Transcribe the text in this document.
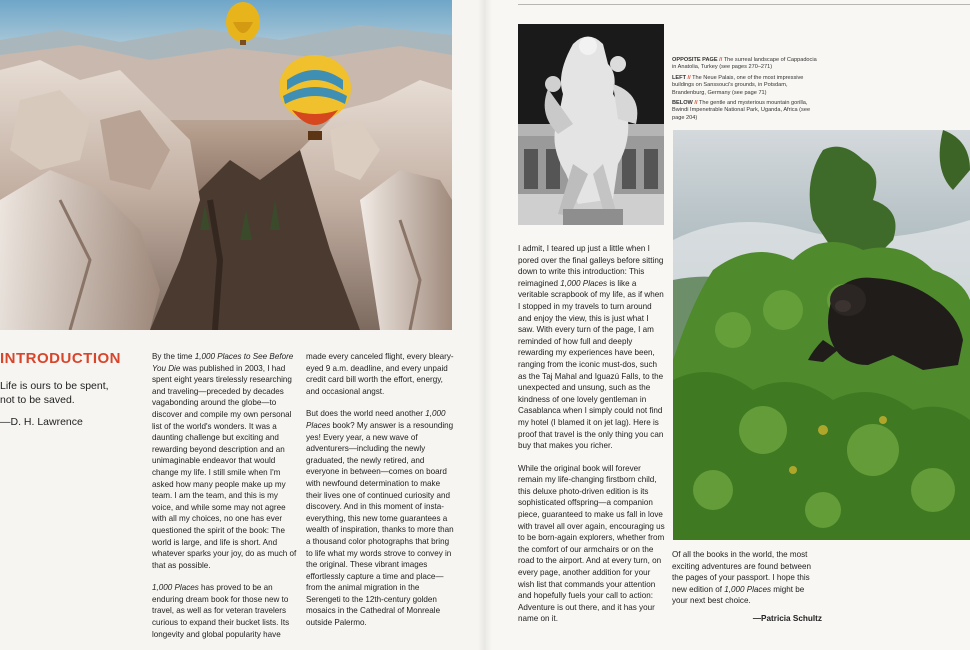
INTRODUCTION
Life is ours to be spent,
not to be saved.
—D. H. Lawrence

By the time 1,000 Places to See Before You Die was published in 2003, I had spent eight years tirelessly researching and traveling—preceded by decades vagabonding around the globe—to discover and compile my own personal list of the world's wonders. It was a daunting challenge but exciting and rewarding beyond description and an unimaginable endeavor that would change my life. I still smile when I'm asked how many people make up my team. I am the team, and this is my voice, and while some may not agree with all my choices, no one has ever questioned the spirit of the book: The world is large, and life is short. And whatever sparks your joy, do as much of that as possible.

1,000 Places has proved to be an enduring dream book for those new to travel, as well as for veteran travelers curious to expand their bucket lists. Its longevity and global popularity have

made every canceled flight, every bleary-eyed 9 a.m. deadline, and every unpaid credit card bill worth the effort, energy, and occasional angst.

But does the world need another 1,000 Places book? My answer is a resounding yes! Every year, a new wave of adventurers—including the newly graduated, the newly retired, and everyone in between—comes on board with newfound determination to make their lives one of continued curiosity and discovery. And in this moment of insta-everything, this new tome guarantees a wealth of inspiration, thanks to more than a thousand color photographs that bring to life what my words strove to convey in the original. These vibrant images effortlessly capture a time and place—from the animal migration in the Serengeti to the 12th-century golden mosaics in the Cathedral of Monreale outside Palermo.

OPPOSITE PAGE // The surreal landscape of Cappadocia in Anatolia, Turkey (see pages 270–271)

LEFT // The Neue Palais, one of the most impressive buildings on Sanssouci's grounds, in Potsdam, Brandenburg, Germany (see page 71)

BELOW // The gentle and mysterious mountain gorilla, Bwindi Impenetrable National Park, Uganda, Africa (see page 204)

I admit, I teared up just a little when I pored over the final galleys before sitting down to write this introduction: This reimagined 1,000 Places is like a veritable scrapbook of my life, as if when I stopped in my travels to turn around and enjoy the view, this is just what I saw. With every turn of the page, I am reminded of how full and deeply rewarding my experiences have been, ranging from the iconic must-dos, such as the Taj Mahal and Iguazú Falls, to the unexpected and unsung, such as the kindness of one lovely gentleman in Casablanca when I simply could not find my hotel (I blamed it on jet lag). Here is proof that travel is the only thing you can buy that makes you richer.

While the original book will forever remain my life-changing firstborn child, this deluxe photo-driven edition is its sophisticated offspring—a companion piece, guaranteed to make us fall in love with travel all over again, encouraging us to be born-again explorers, whether from the comfort of our armchairs or on the road to the airport. And at every turn, on every page, another addition for your wish list that commands your attention and hopefully fuels your call to action: Adventure is out there, and it has your name on it.

Of all the books in the world, the most exciting adventures are found between the pages of your passport. I hope this new edition of 1,000 Places might be your next best choice.

—Patricia Schultz
